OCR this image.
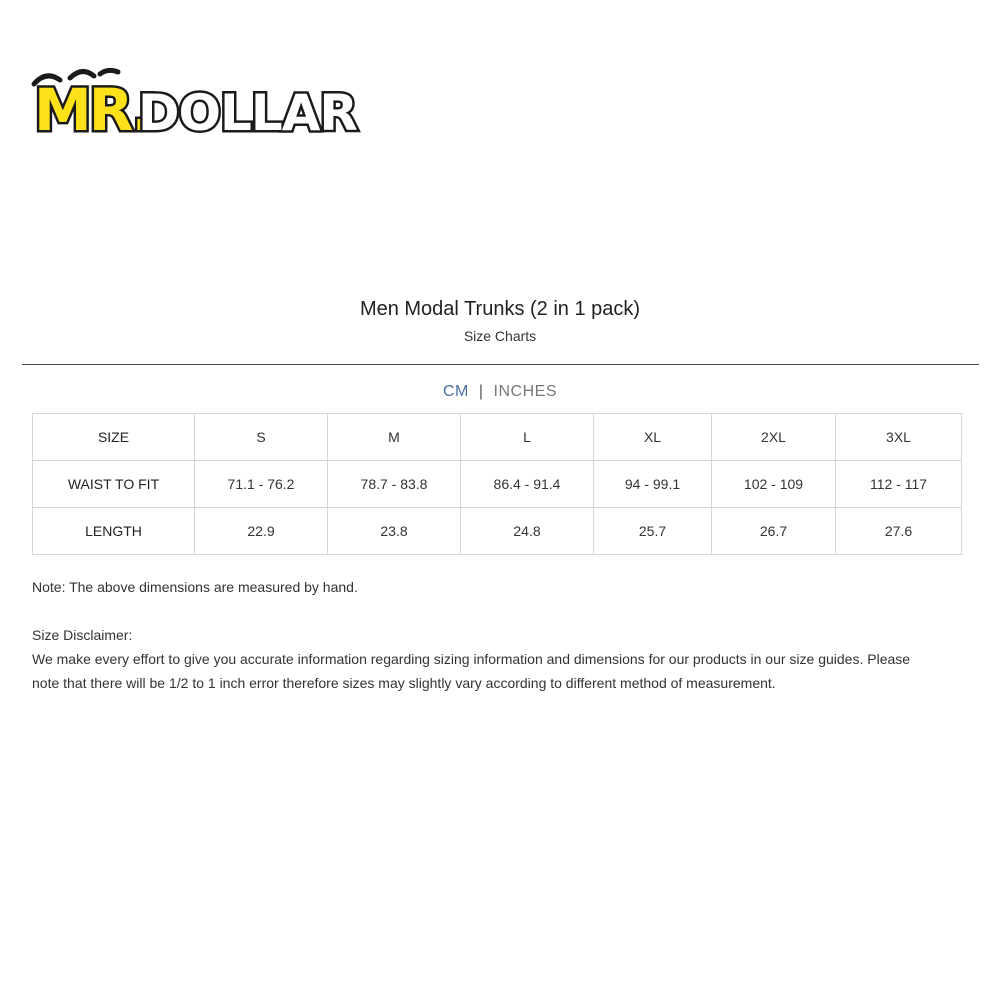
MR.
DOLLAR
Men Modal Trunks (2 in 1 pack)
Size Charts
CM | INCHES
SIZE	S	M	L	XL	2XL	3XL
WAIST TO FIT	71.1 - 76.2	78.7 - 83.8	86.4 - 91.4	94 - 99.1	102 - 109	112 - 117
LENGTH	22.9	23.8	24.8	25.7	26.7	27.6

Note: The above dimensions are measured by hand.

Size Disclaimer:

We make every effort to give you accurate information regarding sizing information and dimensions for our products in our size guides. Please

note that there will be 1/2 to 1 inch error therefore sizes may slightly vary according to different method of measurement.
